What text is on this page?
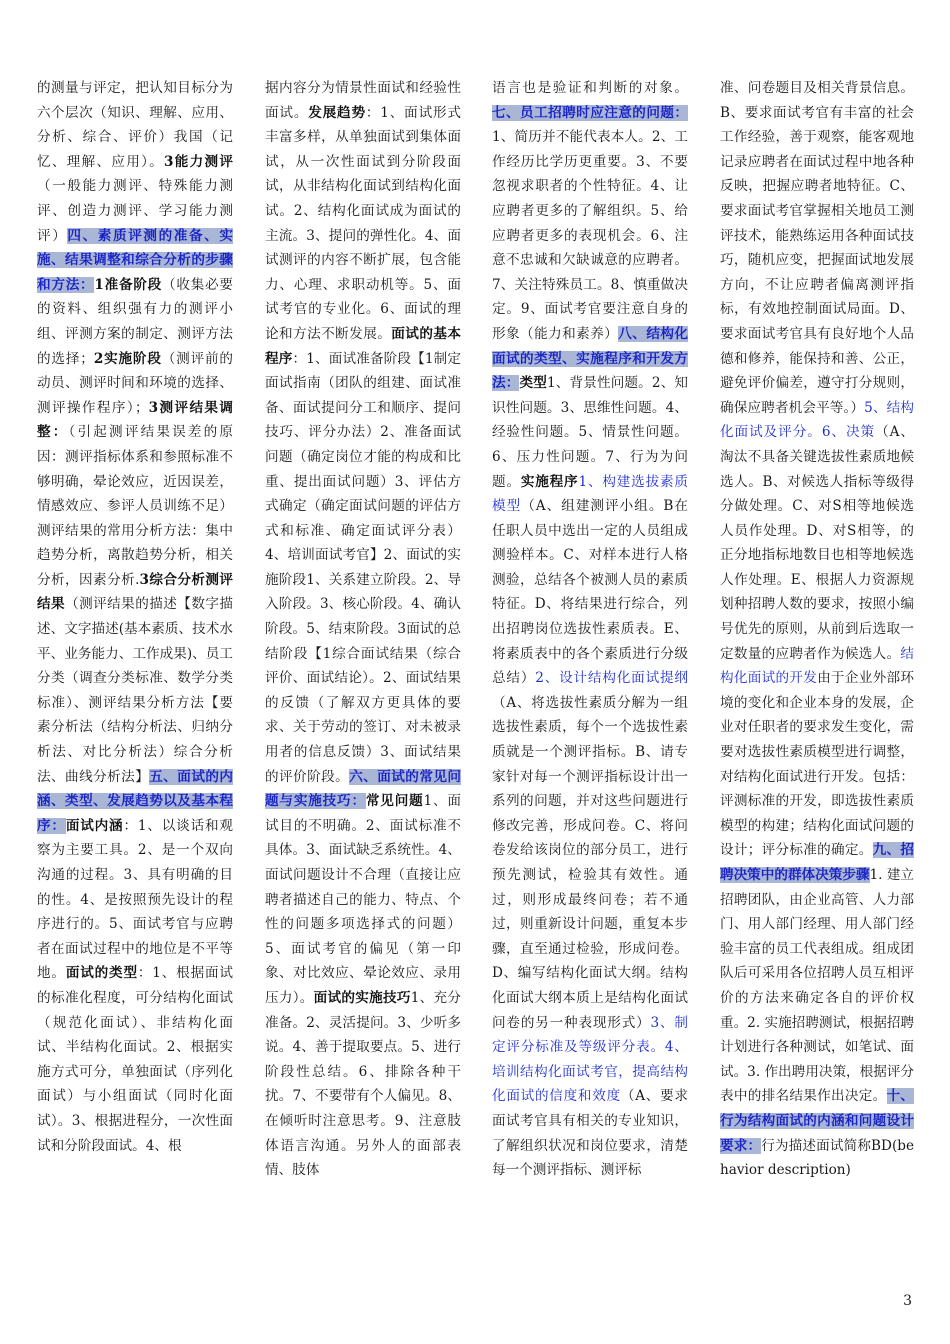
的测量与评定，把认知目标分为六个层次（知识、理解、应用、分析、综合、评价）我国（记忆、理解、应用）。3能力测评（一般能力测评、特殊能力测评、创造力测评、学习能力测评）四、素质评测的准备、实施、结果调整和综合分析的步骤和方法：1准备阶段（收集必要的资料、组织强有力的测评小组、评测方案的制定、测评方法的选择；2实施阶段（测评前的动员、测评时间和环境的选择、测评操作程序）；3测评结果调整：（引起测评结果误差的原因：测评指标体系和参照标准不够明确，晕论效应，近因误差，情感效应、参评人员训练不足）测评结果的常用分析方法：集中趋势分析，离散趋势分析，相关分析，因素分析.3综合分析测评结果（测评结果的描述【数字描述、文字描述(基本素质、技术水平、业务能力、工作成果)、员工分类（调查分类标准、数学分类标准）、测评结果分析方法【要素分析法（结构分析法、归纳分析法、对比分析法）综合分析法、曲线分析法】五、面试的内涵、类型、发展趋势以及基本程序：面试内涵：1、以谈话和观察为主要工具。2、是一个双向沟通的过程。3、具有明确的目的性。4、是按照预先设计的程序进行的。5、面试考官与应聘者在面试过程中的地位是不平等地。面试的类型：1、根据面试的标准化程度，可分结构化面试（规范化面试）、非结构化面试、半结构化面试。2、根据实施方式可分，单独面试（序列化面试）与小组面试（同时化面试）。3、根据进程分，一次性面试和分阶段面试。4、根
据内容分为情景性面试和经验性面试。发展趋势：1、面试形式丰富多样，从单独面试到集体面试，从一次性面试到分阶段面试，从非结构化面试到结构化面试。2、结构化面试成为面试的主流。3、提问的弹性化。4、面试测评的内容不断扩展，包含能力、心理、求职动机等。5、面试考官的专业化。6、面试的理论和方法不断发展。面试的基本程序：1、面试准备阶段【1制定面试指南（团队的组建、面试准备、面试提问分工和顺序、提问技巧、评分办法）2、准备面试问题（确定岗位才能的构成和比重、提出面试问题）3、评估方式确定（确定面试问题的评估方式和标准、确定面试评分表）4、培训面试考官】2、面试的实施阶段1、关系建立阶段。2、导入阶段。3、核心阶段。4、确认阶段。5、结束阶段。3面试的总结阶段【1综合面试结果（综合评价、面试结论）。2、面试结果的反馈（了解双方更具体的要求、关于劳动的签订、对未被录用者的信息反馈）3、面试结果的评价阶段。六、面试的常见问题与实施技巧：常见问题1、面试目的不明确。2、面试标准不具体。3、面试缺乏系统性。4、面试问题设计不合理（直接让应聘者描述自己的能力、特点、个性的问题多项选择式的问题）5、面试考官的偏见（第一印象、对比效应、晕论效应、录用压力）。面试的实施技巧1、充分准备。2、灵活提问。3、少听多说。4、善于提取要点。5、进行阶段性总结。6、排除各种干扰。7、不要带有个人偏见。8、在倾听时注意思考。9、注意肢体语言沟通。另外人的面部表情、肢体
语言也是验证和判断的对象。七、员工招聘时应注意的问题：1、简历并不能代表本人。2、工作经历比学历更重要。3、不要忽视求职者的个性特征。4、让应聘者更多的了解组织。5、给应聘者更多的表现机会。6、注意不忠诚和欠缺诚意的应聘者。7、关注特殊员工。8、慎重做决定。9、面试考官要注意自身的形象（能力和素养）八、结构化面试的类型、实施程序和开发方法：类型1、背景性问题。2、知识性问题。3、思维性问题。4、经验性问题。5、情景性问题。6、压力性问题。7、行为为问题。实施程序1、构建选拔素质模型（A、组建测评小组。B在任职人员中选出一定的人员组成测验样本。C、对样本进行人格测验，总结各个被测人员的素质特征。D、将结果进行综合，列出招聘岗位选拔性素质表。E、将素质表中的各个素质进行分级总结）2、设计结构化面试提纲（A、将选拔性素质分解为一组选拔性素质，每个一个选拔性素质就是一个测评指标。B、请专家针对每一个测评指标设计出一系列的问题，并对这些问题进行修改完善，形成问卷。C、将问卷发给该岗位的部分员工，进行预先测试，检验其有效性。通过，则形成最终问卷；若不通过，则重新设计问题，重复本步骤，直至通过检验，形成问卷。D、编写结构化面试大纲。结构化面试大纲本质上是结构化面试问卷的另一种表现形式）3、制定评分标准及等级评分表。4、培训结构化面试考官，提高结构化面试的信度和效度（A、要求面试考官具有相关的专业知识，了解组织状况和岗位要求，清楚每一个测评指标、测评标
准、问卷题目及相关背景信息。B、要求面试考官有丰富的社会工作经验，善于观察，能客观地记录应聘者在面试过程中地各种反映，把握应聘者地特征。C、要求面试考官掌握相关地员工测评技术，能熟练运用各种面试技巧，随机应变，把握面试地发展方向，不让应聘者偏离测评指标，有效地控制面试局面。D、要求面试考官具有良好地个人品德和修养，能保持和善、公正，避免评价偏差，遵守打分规则，确保应聘者机会平等。）5、结构化面试及评分。6、决策（A、淘汰不具备关键选拔性素质地候选人。B、对候选人指标等级得分做处理。C、对S相等地候选人员作处理。D、对S相等，的正分地指标地数目也相等地候选人作处理。E、根据人力资源规划种招聘人数的要求，按照小编号优先的原则，从前到后选取一定数量的应聘者作为候选人。结构化面试的开发由于企业外部环境的变化和企业本身的发展，企业对任职者的要求发生变化，需要对选拔性素质模型进行调整，对结构化面试进行开发。包括：评测标准的开发，即选拔性素质模型的构建；结构化面试问题的设计；评分标准的确定。九、招聘决策中的群体决策步骤1. 建立招聘团队，由企业高管、人力部门、用人部门经理、用人部门经验丰富的员工代表组成。组成团队后可采用各位招聘人员互相评价的方法来确定各自的评价权重。2. 实施招聘测试，根据招聘计划进行各种测试，如笔试、面试。3. 作出聘用决策，根据评分表中的排名结果作出决定。十、行为结构面试的内涵和问题设计要求：行为描述面试简称BD(behavior description)
3
